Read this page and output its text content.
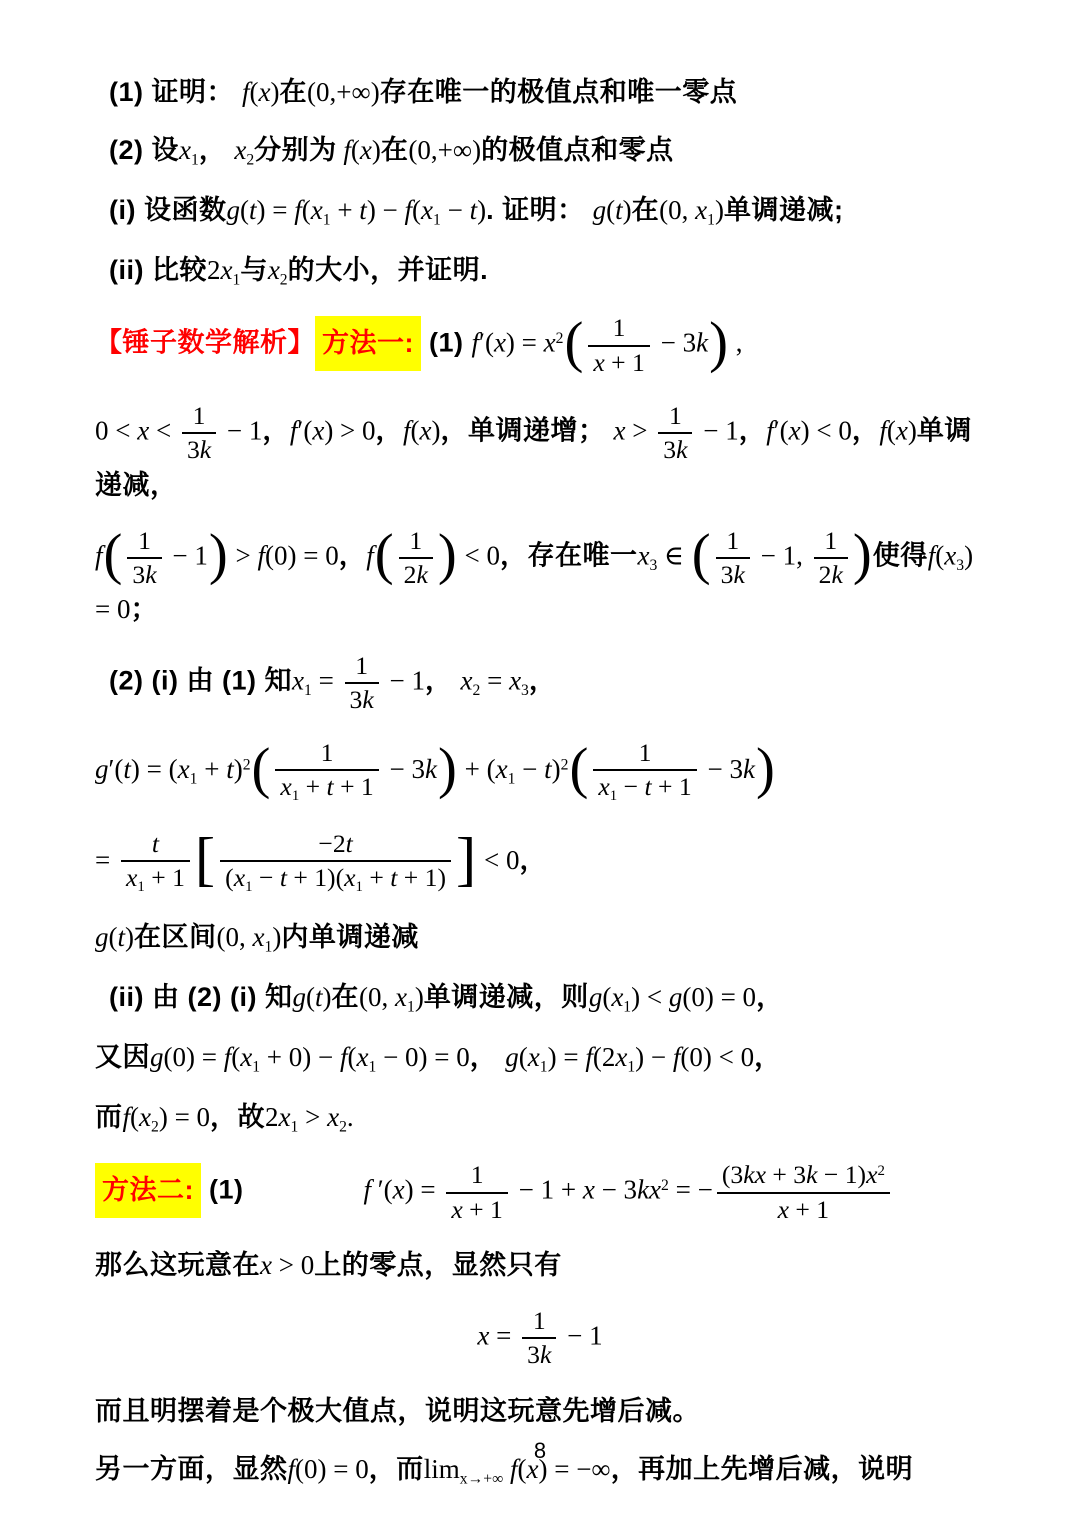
(1) 证明： f(x)在(0,+∞)存在唯一的极值点和唯一零点
(2) 设$x_1$， $x_2$分别为 f(x)在(0,+∞)的极值点和零点
(i) 设函数$g(t) = f(x_1 + t) - f(x_1 - t)$. 证明： g(t)在(0, $x_1$)单调递减;
(ii) 比较$2x_1$与$x_2$的大小，并证明.
【锤子数学解析】 方法一: (1) $f'(x) = x^2( \frac{1}{x + 1} - 3k)$ ,
$0 < x < \frac{1}{3k} - 1$，f′(x) > 0，f(x)，单调递增； $x > \frac{1}{3k} - 1$，f′(x) < 0，f(x)单调递减，
$f( \frac{1}{3k} - 1) > f(0) = 0$，$f( \frac{1}{2k}$ ) < 0，存在唯一$x_3$ ∈ ( $\frac{1}{3k} - 1$, $\frac{1}{2k}$ )使得$f(x_3) = 0$；
(2) (i) 由 (1) 知$x_1 = \frac{1}{3k} - 1$， $x_2 = x_3$，
$g'(t) = (x_1 + t)^2( \frac{1}{x_1 + t + 1} - 3k) + (x_1 - t)^2( \frac{1}{x_1 - t + 1} - 3k)$
= $\frac{t}{x_1 + 1}$ [ $\frac{-2t}{(x_1 - t + 1)(x_1 + t + 1)}$ ] < 0，
g(t)在区间(0, $x_1$)内单调递减
(ii) 由 (2) (i) 知g(t)在(0, $x_1$)单调递减，则$g(x_1) < g(0) = 0$，
又因$g(0) = f(x_1 + 0) - f(x_1 - 0) = 0$， $g(x_1) = f(2x_1) - f(0) < 0$，
而$f(x_2) = 0$，故$2x_1 > x_2$.
方法二: (1)	f $'(x) = \frac{1}{x + 1} - 1 + x - 3kx^2$ = − $\frac{(3kx + 3k - 1)x^2}{x + 1}$
那么这玩意在x > 0上的零点，显然只有
$x = \frac{1}{3k} - 1$
而且明摆着是个极大值点，说明这玩意先增后减。
另一方面，显然f(0) = 0，而$\lim_{x\to+\infty} f(x)$ = −∞，再加上先增后减，说明
8
